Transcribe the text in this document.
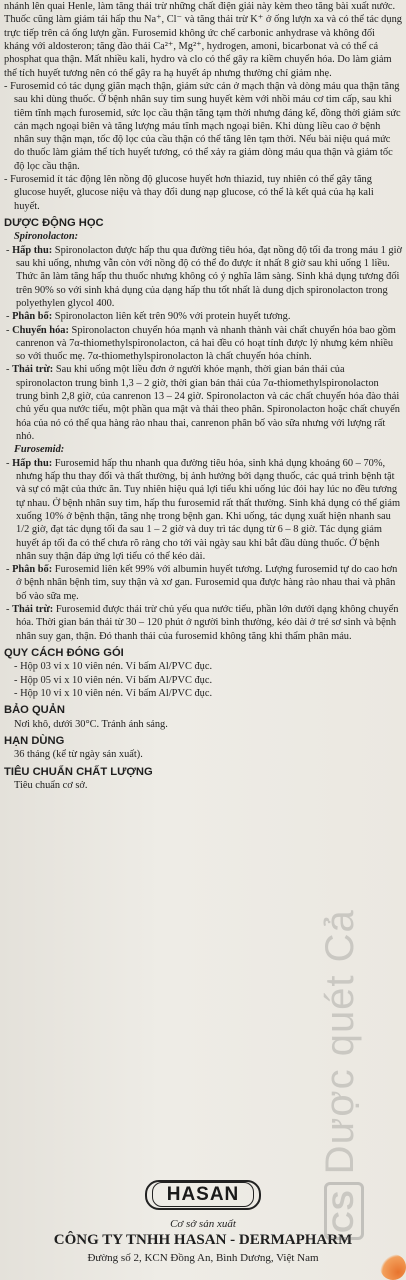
nhánh lên quai Henle, làm tăng thải trừ những chất điện giải này kèm theo tăng bài xuất nước. Thuốc cũng làm giảm tái hấp thu Na⁺, Cl⁻ và tăng thải trừ K⁺ ở ống lượn xa và có thể tác dụng trực tiếp trên cả ống lượn gần. Furosemid không ức chế carbonic anhydrase và không đối kháng với aldosteron; tăng đào thải Ca²⁺, Mg²⁺, hydrogen, amoni, bicarbonat và có thể cả phosphat qua thận. Mất nhiều kali, hydro và clo có thể gây ra kiềm chuyển hóa. Do làm giảm thể tích huyết tương nên có thể gây ra hạ huyết áp nhưng thường chỉ giảm nhẹ.

- Furosemid có tác dụng giãn mạch thận, giảm sức cản ở mạch thận và dòng máu qua thận tăng sau khi dùng thuốc. Ở bệnh nhân suy tim sung huyết kèm với nhồi máu cơ tim cấp, sau khi tiêm tĩnh mạch furosemid, sức lọc cầu thận tăng tạm thời nhưng đáng kể, đồng thời giảm sức cản mạch ngoại biên và tăng lượng máu tĩnh mạch ngoại biên. Khi dùng liều cao ở bệnh nhân suy thận mạn, tốc độ lọc của cầu thận có thể tăng lên tạm thời. Nếu bài niệu quá mức do thuốc làm giảm thể tích huyết tương, có thể xảy ra giảm dòng máu qua thận và giảm tốc độ lọc cầu thận.

- Furosemid ít tác động lên nồng độ glucose huyết hơn thiazid, tuy nhiên có thể gây tăng glucose huyết, glucose niệu và thay đổi dung nạp glucose, có thể là kết quả của hạ kali huyết.

DƯỢC ĐỘNG HỌC

Spironolacton:

- Hấp thu: Spironolacton được hấp thu qua đường tiêu hóa, đạt nồng độ tối đa trong máu 1 giờ sau khi uống, nhưng vẫn còn với nồng độ có thể đo được ít nhất 8 giờ sau khi uống 1 liều. Thức ăn làm tăng hấp thu thuốc nhưng không có ý nghĩa lâm sàng. Sinh khả dụng tương đối trên 90% so với sinh khả dụng của dạng hấp thu tốt nhất là dung dịch spironolacton trong polyethylen glycol 400.

- Phân bố: Spironolacton liên kết trên 90% với protein huyết tương.

- Chuyển hóa: Spironolacton chuyển hóa mạnh và nhanh thành vài chất chuyển hóa bao gồm canrenon và 7α-thiomethylspironolacton, cả hai đều có hoạt tính được lý nhưng kém nhiều so với thuốc mẹ. 7α-thiomethylspironolacton là chất chuyển hóa chính.

- Thải trừ: Sau khi uống một liều đơn ở người khỏe mạnh, thời gian bán thải của spironolacton trung bình 1,3 – 2 giờ, thời gian bán thải của 7α-thiomethylspironolacton trung bình 2,8 giờ, của canrenon 13 – 24 giờ. Spironolacton và các chất chuyển hóa đào thải chủ yếu qua nước tiểu, một phần qua mật và thải theo phân. Spironolacton hoặc chất chuyển hóa của nó có thể qua hàng rào nhau thai, canrenon phân bố vào sữa nhưng với lượng rất nhỏ.

Furosemid:

- Hấp thu: Furosemid hấp thu nhanh qua đường tiêu hóa, sinh khả dụng khoảng 60 – 70%, nhưng hấp thu thay đổi và thất thường, bị ảnh hưởng bởi dạng thuốc, các quá trình bệnh tật và sự có mặt của thức ăn. Tuy nhiên hiệu quả lợi tiểu khi uống lúc đói hay lúc no đều tương tự nhau. Ở bệnh nhân suy tim, hấp thu furosemid rất thất thường. Sinh khả dụng có thể giảm xuống 10% ở bệnh thận, tăng nhẹ trong bệnh gan. Khi uống, tác dụng xuất hiện nhanh sau 1/2 giờ, đạt tác dụng tối đa sau 1 – 2 giờ và duy trì tác dụng từ 6 – 8 giờ. Tác dụng giảm huyết áp tối đa có thể chưa rõ ràng cho tới vài ngày sau khi bắt đầu dùng thuốc. Ở bệnh nhân suy thận đáp ứng lợi tiểu có thể kéo dài.

- Phân bố: Furosemid liên kết 99% với albumin huyết tương. Lượng furosemid tự do cao hơn ở bệnh nhân bệnh tim, suy thận và xơ gan. Furosemid qua được hàng rào nhau thai và phân bố vào sữa mẹ.

- Thải trừ: Furosemid được thải trừ chủ yếu qua nước tiểu, phần lớn dưới dạng không chuyển hóa. Thời gian bán thải từ 30 – 120 phút ở người bình thường, kéo dài ở trẻ sơ sinh và bệnh nhân suy gan, thận. Đó thanh thải của furosemid không tăng khi thẩm phân máu.

QUY CÁCH ĐÓNG GÓI

- Hộp 03 vỉ x 10 viên nén. Vỉ bấm Al/PVC đục.

- Hộp 05 vỉ x 10 viên nén. Vỉ bấm Al/PVC đục.

- Hộp 10 vỉ x 10 viên nén. Vỉ bấm Al/PVC đục.

BẢO QUẢN

Nơi khô, dưới 30°C. Tránh ánh sáng.

HẠN DÙNG

36 tháng (kể từ ngày sản xuất).

TIÊU CHUẨN CHẤT LƯỢNG

Tiêu chuẩn cơ sở.

HASAN
Cơ sở sản xuất
CÔNG TY TNHH HASAN - DERMAPHARM
Đường số 2, KCN Đồng An, Bình Dương, Việt Nam
CSDược quét Cả
